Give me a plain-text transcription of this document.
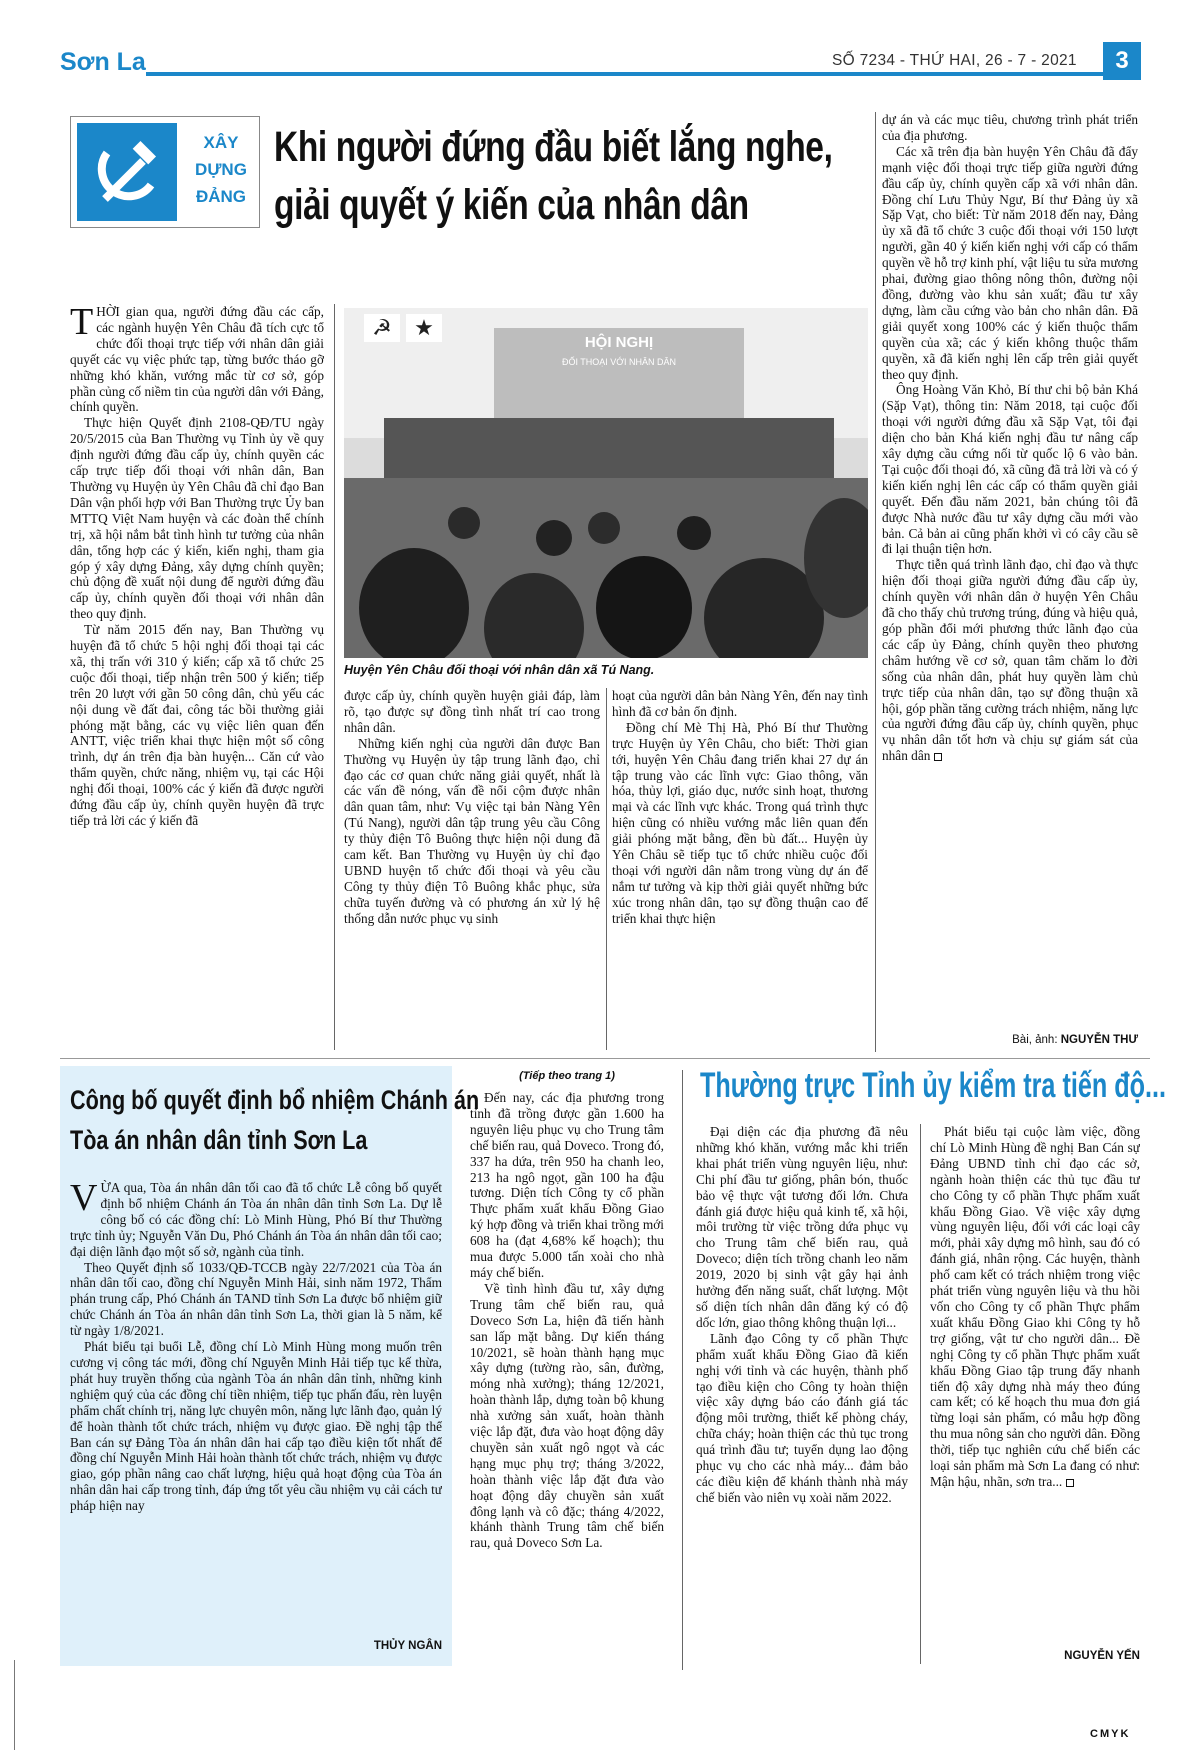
Sơn La	SỐ 7234 - THỨ HAI, 26 - 7 - 2021	3
XÂY
DỰNG
ĐẢNG
Khi người đứng đầu biết lắng nghe,
giải quyết ý kiến của nhân dân

THỜI gian qua, người đứng đầu các cấp, các ngành huyện Yên Châu đã tích cực tổ chức đối thoại trực tiếp với nhân dân giải quyết các vụ việc phức tạp, từng bước tháo gỡ những khó khăn, vướng mắc từ cơ sở, góp phần củng cố niềm tin của người dân với Đảng, chính quyền.

Thực hiện Quyết định 2108-QĐ/TU ngày 20/5/2015 của Ban Thường vụ Tỉnh ủy về quy định người đứng đầu cấp ủy, chính quyền các cấp trực tiếp đối thoại với nhân dân, Ban Thường vụ Huyện ủy Yên Châu đã chỉ đạo Ban Dân vận phối hợp với Ban Thường trực Ủy ban MTTQ Việt Nam huyện và các đoàn thể chính trị, xã hội nắm bắt tình hình tư tưởng của nhân dân, tổng hợp các ý kiến, kiến nghị, tham gia góp ý xây dựng Đảng, xây dựng chính quyền; chủ động đề xuất nội dung để người đứng đầu cấp ủy, chính quyền đối thoại với nhân dân theo quy định.

Từ năm 2015 đến nay, Ban Thường vụ huyện đã tổ chức 5 hội nghị đối thoại tại các xã, thị trấn với 310 ý kiến; cấp xã tổ chức 25 cuộc đối thoại, tiếp nhận trên 500 ý kiến; tiếp trên 20 lượt với gần 50 công dân, chủ yếu các nội dung về đất đai, công tác bồi thường giải phóng mặt bằng, các vụ việc liên quan đến ANTT, việc triển khai thực hiện một số công trình, dự án trên địa bàn huyện... Căn cứ vào thẩm quyền, chức năng, nhiệm vụ, tại các Hội nghị đối thoại, 100% các ý kiến đã được người đứng đầu cấp ủy, chính quyền huyện đã trực tiếp trả lời các ý kiến đã

☭	★
HỘI NGHỊ
ĐỐI THOẠI VỚI NHÂN DÂN
Huyện Yên Châu đối thoại với nhân dân xã Tú Nang.

được cấp ủy, chính quyền huyện giải đáp, làm rõ, tạo được sự đồng tình nhất trí cao trong nhân dân.

Những kiến nghị của người dân được Ban Thường vụ Huyện ủy tập trung lãnh đạo, chỉ đạo các cơ quan chức năng giải quyết, nhất là các vấn đề nóng, vấn đề nổi cộm được nhân dân quan tâm, như: Vụ việc tại bản Nàng Yên (Tú Nang), người dân tập trung yêu cầu Công ty thủy điện Tô Buông thực hiện nội dung đã cam kết. Ban Thường vụ Huyện ủy chỉ đạo UBND huyện tổ chức đối thoại và yêu cầu Công ty thủy điện Tô Buông khắc phục, sửa chữa tuyến đường và có phương án xử lý hệ thống dẫn nước phục vụ sinh

hoạt của người dân bản Nàng Yên, đến nay tình hình đã cơ bản ổn định.

Đồng chí Mè Thị Hà, Phó Bí thư Thường trực Huyện ủy Yên Châu, cho biết: Thời gian tới, huyện Yên Châu đang triển khai 27 dự án tập trung vào các lĩnh vực: Giao thông, văn hóa, thủy lợi, giáo dục, nước sinh hoạt, thương mại và các lĩnh vực khác. Trong quá trình thực hiện cũng có nhiều vướng mắc liên quan đến giải phóng mặt bằng, đền bù đất... Huyện ủy Yên Châu sẽ tiếp tục tổ chức nhiều cuộc đối thoại với người dân nằm trong vùng dự án để nắm tư tưởng và kịp thời giải quyết những bức xúc trong nhân dân, tạo sự đồng thuận cao để triển khai thực hiện

dự án và các mục tiêu, chương trình phát triển của địa phương.

Các xã trên địa bàn huyện Yên Châu đã đẩy mạnh việc đối thoại trực tiếp giữa người đứng đầu cấp ủy, chính quyền cấp xã với nhân dân. Đồng chí Lưu Thủy Ngư, Bí thư Đảng ủy xã Sặp Vạt, cho biết: Từ năm 2018 đến nay, Đảng ủy xã đã tổ chức 3 cuộc đối thoại với 150 lượt người, gần 40 ý kiến kiến nghị với cấp có thẩm quyền về hỗ trợ kinh phí, vật liệu tu sửa mương phai, đường giao thông nông thôn, đường nội đồng, đường vào khu sản xuất; đầu tư xây dựng, làm cầu cứng vào bản cho nhân dân. Đã giải quyết xong 100% các ý kiến thuộc thẩm quyền của xã; các ý kiến không thuộc thẩm quyền, xã đã kiến nghị lên cấp trên giải quyết theo quy định.

Ông Hoàng Văn Khỏ, Bí thư chi bộ bản Khá (Sặp Vạt), thông tin: Năm 2018, tại cuộc đối thoại với người đứng đầu xã Sặp Vạt, tôi đại diện cho bản Khá kiến nghị đầu tư nâng cấp xây dựng cầu cứng nối từ quốc lộ 6 vào bản. Tại cuộc đối thoại đó, xã cũng đã trả lời và có ý kiến kiến nghị lên các cấp có thẩm quyền giải quyết. Đến đầu năm 2021, bản chúng tôi đã được Nhà nước đầu tư xây dựng cầu mới vào bản. Cả bản ai cũng phấn khởi vì có cây cầu sẽ đi lại thuận tiện hơn.

Thực tiễn quá trình lãnh đạo, chỉ đạo và thực hiện đối thoại giữa người đứng đầu cấp ủy, chính quyền với nhân dân ở huyện Yên Châu đã cho thấy chủ trương trúng, đúng và hiệu quả, góp phần đổi mới phương thức lãnh đạo của các cấp ủy Đảng, chính quyền theo phương châm hướng về cơ sở, quan tâm chăm lo đời sống của nhân dân, phát huy quyền làm chủ trực tiếp của nhân dân, tạo sự đồng thuận xã hội, góp phần tăng cường trách nhiệm, năng lực của người đứng đầu cấp ủy, chính quyền, phục vụ nhân dân tốt hơn và chịu sự giám sát của nhân dân

Bài, ảnh: NGUYỄN THƯ
Công bố quyết định bổ nhiệm Chánh án
Tòa án nhân dân tỉnh Sơn La

VỪA qua, Tòa án nhân dân tối cao đã tổ chức Lễ công bố quyết định bổ nhiệm Chánh án Tòa án nhân dân tỉnh Sơn La. Dự lễ công bố có các đồng chí: Lò Minh Hùng, Phó Bí thư Thường trực tỉnh ủy; Nguyễn Văn Du, Phó Chánh án Tòa án nhân dân tối cao; đại diện lãnh đạo một số sở, ngành của tỉnh.

Theo Quyết định số 1033/QĐ-TCCB ngày 22/7/2021 của Tòa án nhân dân tối cao, đồng chí Nguyễn Minh Hải, sinh năm 1972, Thẩm phán trung cấp, Phó Chánh án TAND tỉnh Sơn La được bổ nhiệm giữ chức Chánh án Tòa án nhân dân tỉnh Sơn La, thời gian là 5 năm, kể từ ngày 1/8/2021.

Phát biểu tại buổi Lễ, đồng chí Lò Minh Hùng mong muốn trên cương vị công tác mới, đồng chí Nguyễn Minh Hải tiếp tục kế thừa, phát huy truyền thống của ngành Tòa án nhân dân tỉnh, những kinh nghiệm quý của các đồng chí tiền nhiệm, tiếp tục phấn đấu, rèn luyện phẩm chất chính trị, năng lực chuyên môn, năng lực lãnh đạo, quản lý để hoàn thành tốt chức trách, nhiệm vụ được giao. Đề nghị tập thể Ban cán sự Đảng Tòa án nhân dân hai cấp tạo điều kiện tốt nhất để đồng chí Nguyễn Minh Hải hoàn thành tốt chức trách, nhiệm vụ được giao, góp phần nâng cao chất lượng, hiệu quả hoạt động của Tòa án nhân dân hai cấp trong tỉnh, đáp ứng tốt yêu cầu nhiệm vụ cải cách tư pháp hiện nay

THỦY NGÂN
(Tiếp theo trang 1)

Đến nay, các địa phương trong tỉnh đã trồng được gần 1.600 ha nguyên liệu phục vụ cho Trung tâm chế biến rau, quả Doveco. Trong đó, 337 ha dứa, trên 950 ha chanh leo, 213 ha ngô ngọt, gần 100 ha đậu tương. Diện tích Công ty cổ phần Thực phẩm xuất khẩu Đồng Giao ký hợp đồng và triển khai trồng mới 608 ha (đạt 4,68% kế hoạch); thu mua được 5.000 tấn xoài cho nhà máy chế biến.

Về tình hình đầu tư, xây dựng Trung tâm chế biến rau, quả Doveco Sơn La, hiện đã tiến hành san lấp mặt bằng. Dự kiến tháng 10/2021, sẽ hoàn thành hạng mục xây dựng (tường rào, sân, đường, móng nhà xưởng); tháng 12/2021, hoàn thành lắp, dựng toàn bộ khung nhà xưởng sản xuất, hoàn thành việc lắp đặt, đưa vào hoạt động dây chuyền sản xuất ngô ngọt và các hạng mục phụ trợ; tháng 3/2022, hoàn thành việc lắp đặt đưa vào hoạt động dây chuyền sản xuất đông lạnh và cô đặc; tháng 4/2022, khánh thành Trung tâm chế biến rau, quả Doveco Sơn La.

Thường trực Tỉnh ủy kiểm tra tiến độ...

Đại diện các địa phương đã nêu những khó khăn, vướng mắc khi triển khai phát triển vùng nguyên liệu, như: Chi phí đầu tư giống, phân bón, thuốc bảo vệ thực vật tương đối lớn. Chưa đánh giá được hiệu quả kinh tế, xã hội, môi trường từ việc trồng dứa phục vụ cho Trung tâm chế biến rau, quả Doveco; diện tích trồng chanh leo năm 2019, 2020 bị sinh vật gây hại ảnh hưởng đến năng suất, chất lượng. Một số diện tích nhân dân đăng ký có độ dốc lớn, giao thông không thuận lợi...

Lãnh đạo Công ty cổ phần Thực phẩm xuất khẩu Đồng Giao đã kiến nghị với tỉnh và các huyện, thành phố tạo điều kiện cho Công ty hoàn thiện việc xây dựng báo cáo đánh giá tác động môi trường, thiết kế phòng cháy, chữa cháy; hoàn thiện các thủ tục trong quá trình đầu tư; tuyển dụng lao động phục vụ cho các nhà máy... đảm bảo các điều kiện để khánh thành nhà máy chế biến vào niên vụ xoài năm 2022.

Phát biểu tại cuộc làm việc, đồng chí Lò Minh Hùng đề nghị Ban Cán sự Đảng UBND tỉnh chỉ đạo các sở, ngành hoàn thiện các thủ tục đầu tư cho Công ty cổ phần Thực phẩm xuất khẩu Đồng Giao. Về việc xây dựng vùng nguyên liệu, đối với các loại cây mới, phải xây dựng mô hình, sau đó có đánh giá, nhân rộng. Các huyện, thành phố cam kết có trách nhiệm trong việc phát triển vùng nguyên liệu và thu hồi vốn cho Công ty cổ phần Thực phẩm xuất khẩu Đồng Giao khi Công ty hỗ trợ giống, vật tư cho người dân... Đề nghị Công ty cổ phần Thực phẩm xuất khẩu Đồng Giao tập trung đẩy nhanh tiến độ xây dựng nhà máy theo đúng cam kết; có kế hoạch thu mua đơn giá từng loại sản phẩm, có mẫu hợp đồng thu mua nông sản cho người dân. Đồng thời, tiếp tục nghiên cứu chế biến các loại sản phẩm mà Sơn La đang có như: Mận hậu, nhãn, sơn tra...

NGUYỄN YẾN
CMYK
